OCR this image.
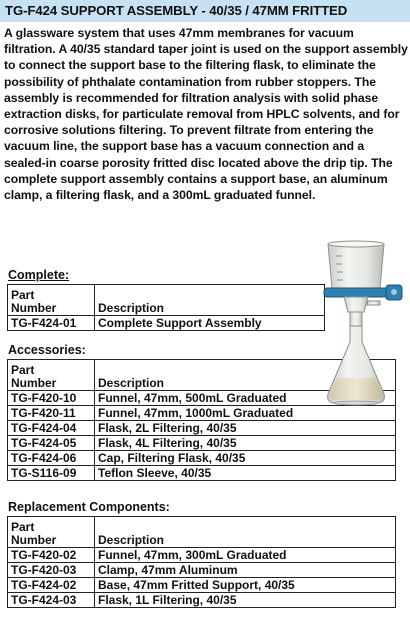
TG-F424 SUPPORT ASSEMBLY - 40/35 / 47MM FRITTED
A glassware system that uses 47mm membranes for vacuum filtration. A 40/35 standard taper joint is used on the support assembly to connect the support base to the filtering flask, to eliminate the possibility of phthalate contamination from rubber stoppers. The assembly is recommended for filtration analysis with solid phase extraction disks, for particulate removal from HPLC solvents, and for corrosive solutions filtering. To prevent filtrate from entering the vacuum line, the support base has a vacuum connection and a sealed-in coarse porosity fritted disc located above the drip tip. The complete support assembly contains a support base, an aluminum clamp, a filtering flask, and a 300mL graduated funnel.
Complete:
Part
Number	Description
TG-F424-01	Complete Support Assembly
Accessories:
Part
Number	Description
TG-F420-10	Funnel, 47mm, 500mL Graduated
TG-F420-11	Funnel, 47mm, 1000mL Graduated
TG-F424-04	Flask, 2L Filtering, 40/35
TG-F424-05	Flask, 4L Filtering, 40/35
TG-F424-06	Cap, Filtering Flask, 40/35
TG-S116-09	Teflon Sleeve, 40/35
Replacement Components:
Part
Number	Description
TG-F420-02	Funnel, 47mm, 300mL Graduated
TG-F420-03	Clamp, 47mm Aluminum
TG-F424-02	Base, 47mm Fritted Support, 40/35
TG-F424-03	Flask, 1L Filtering, 40/35
